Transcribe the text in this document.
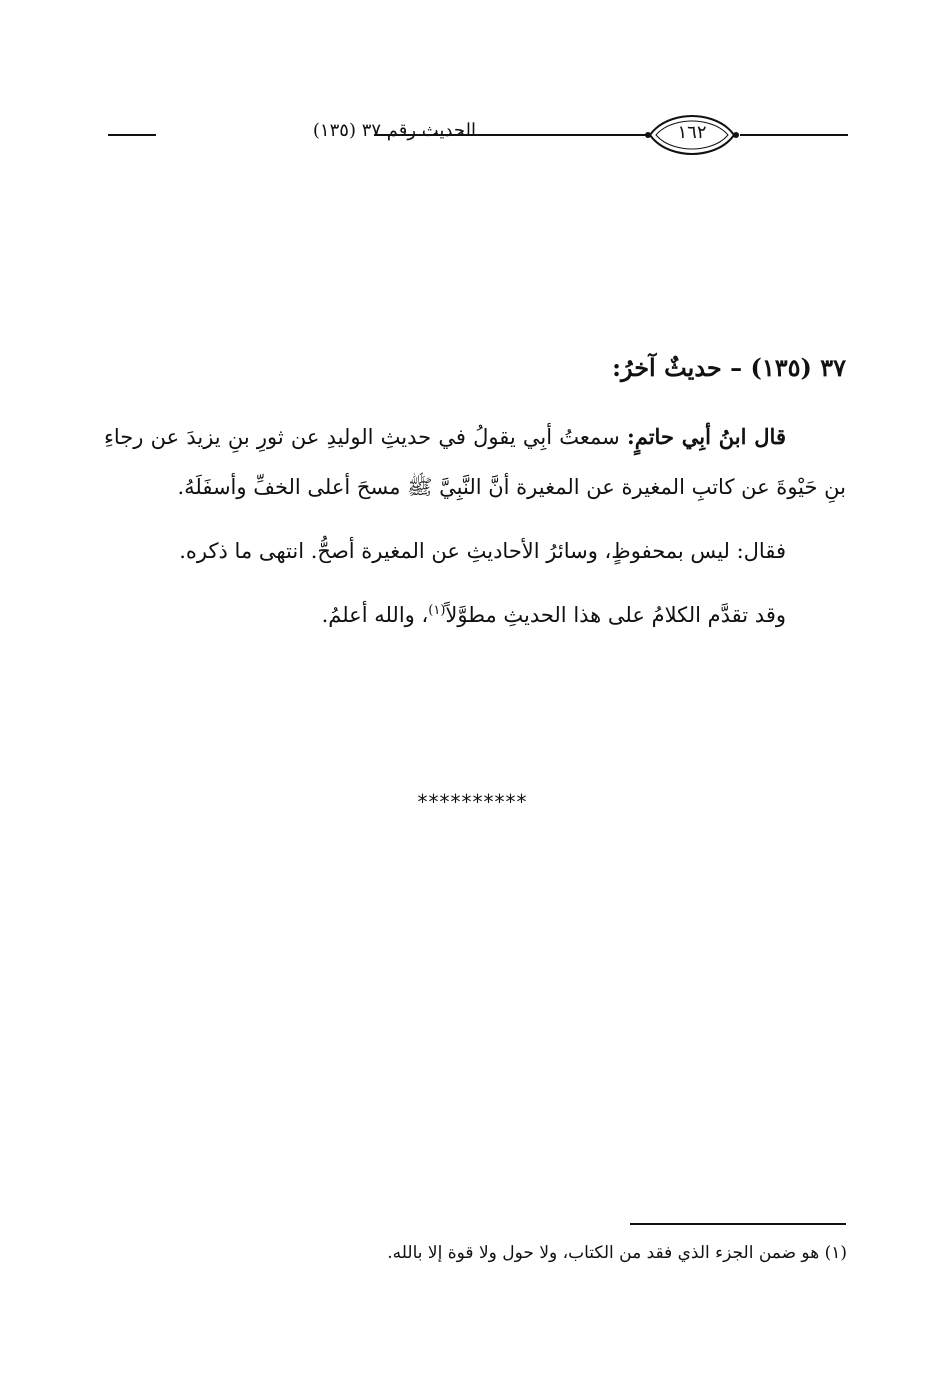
الحديث رقم ٣٧ (١٣٥)	١٦٢

٣٧ (١٣٥) – حديثٌ آخرُ:

قال ابنُ أبِي حاتمٍ: سمعتُ أبِي يقولُ في حديثِ الوليدِ عن ثورِ بنِ يزيدَ عن رجاءِ بنِ حَيْوةَ عن كاتبِ المغيرة عن المغيرة أنَّ النَّبِيَّ ﷺ مسحَ أعلى الخفِّ وأسفَلَهُ.

فقال: ليس بمحفوظٍ، وسائرُ الأحاديثِ عن المغيرة أصحُّ. انتهى ما ذكره.

وقد تقدَّم الكلامُ على هذا الحديثِ مطوَّلاً$^{(١)}$، والله أعلمُ.

**********
(١) هو ضمن الجزء الذي فقد من الكتاب، ولا حول ولا قوة إلا بالله.
